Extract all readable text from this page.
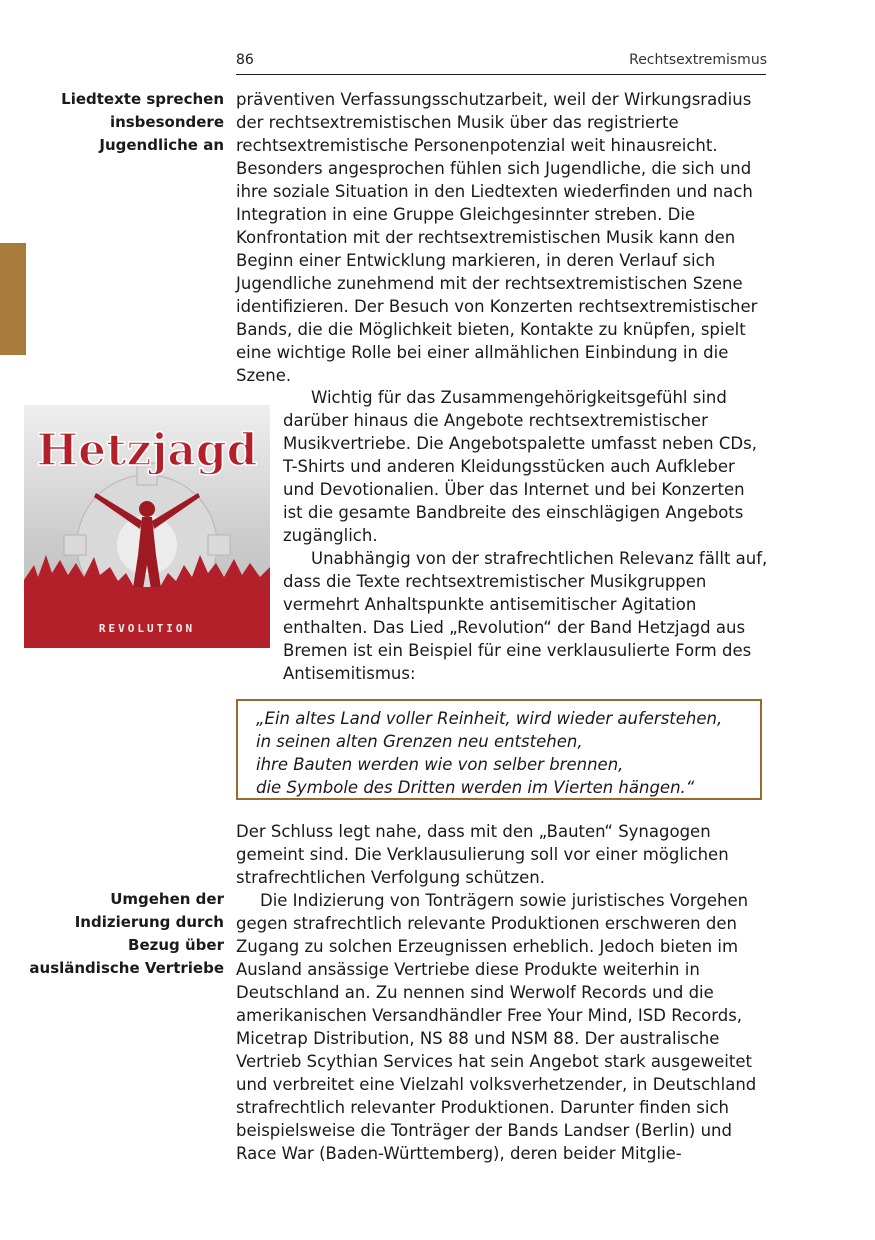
86	Rechtsextremismus
Liedtexte sprechen insbesondere Jugendliche an
Umgehen der Indizierung durch Bezug über ausländische Vertriebe

präventiven Verfassungsschutzarbeit, weil der Wirkungsradius der rechtsextremistischen Musik über das registrierte rechtsextremistische Personenpotenzial weit hinausreicht. Besonders angesprochen fühlen sich Jugendliche, die sich und ihre soziale Situation in den Liedtexten wiederfinden und nach Integration in eine Gruppe Gleichgesinnter streben. Die Konfrontation mit der rechtsextremistischen Musik kann den Beginn einer Entwicklung markieren, in deren Verlauf sich Jugendliche zunehmend mit der rechtsextremistischen Szene identifizieren. Der Besuch von Konzerten rechtsextremistischer Bands, die die Möglichkeit bieten, Kontakte zu knüpfen, spielt eine wichtige Rolle bei einer allmählichen Einbindung in die Szene.

Hetzjagd
REVOLUTION

Wichtig für das Zusammengehörigkeitsgefühl sind darüber hinaus die Angebote rechtsextremistischer Musikvertriebe. Die Angebotspalette umfasst neben CDs, T-Shirts und anderen Kleidungsstücken auch Aufkleber und Devotionalien. Über das Internet und bei Konzerten ist die gesamte Bandbreite des einschlägigen Angebots zugänglich.

Unabhängig von der strafrechtlichen Relevanz fällt auf, dass die Texte rechtsextremistischer Musikgruppen vermehrt Anhaltspunkte antisemitischer Agitation enthalten. Das Lied „Revolution“ der Band Hetzjagd aus Bremen ist ein Beispiel für eine verklausulierte Form des Antisemitismus:

„Ein altes Land voller Reinheit, wird wieder auferstehen,
in seinen alten Grenzen neu entstehen,
ihre Bauten werden wie von selber brennen,
die Symbole des Dritten werden im Vierten hängen.“

Der Schluss legt nahe, dass mit den „Bauten“ Synagogen gemeint sind. Die Verklausulierung soll vor einer möglichen strafrechtlichen Verfolgung schützen.

Die Indizierung von Tonträgern sowie juristisches Vorgehen gegen strafrechtlich relevante Produktionen erschweren den Zugang zu solchen Erzeugnissen erheblich. Jedoch bieten im Ausland ansässige Vertriebe diese Produkte weiterhin in Deutschland an. Zu nennen sind Werwolf Records und die amerikanischen Versandhändler Free Your Mind, ISD Records, Micetrap Distribution, NS 88 und NSM 88. Der australische Vertrieb Scythian Services hat sein Angebot stark ausgeweitet und verbreitet eine Vielzahl volksverhetzender, in Deutschland strafrechtlich relevanter Produktionen. Darunter finden sich beispielsweise die Tonträger der Bands Landser (Berlin) und Race War (Baden-Württemberg), deren beider Mitglie-
